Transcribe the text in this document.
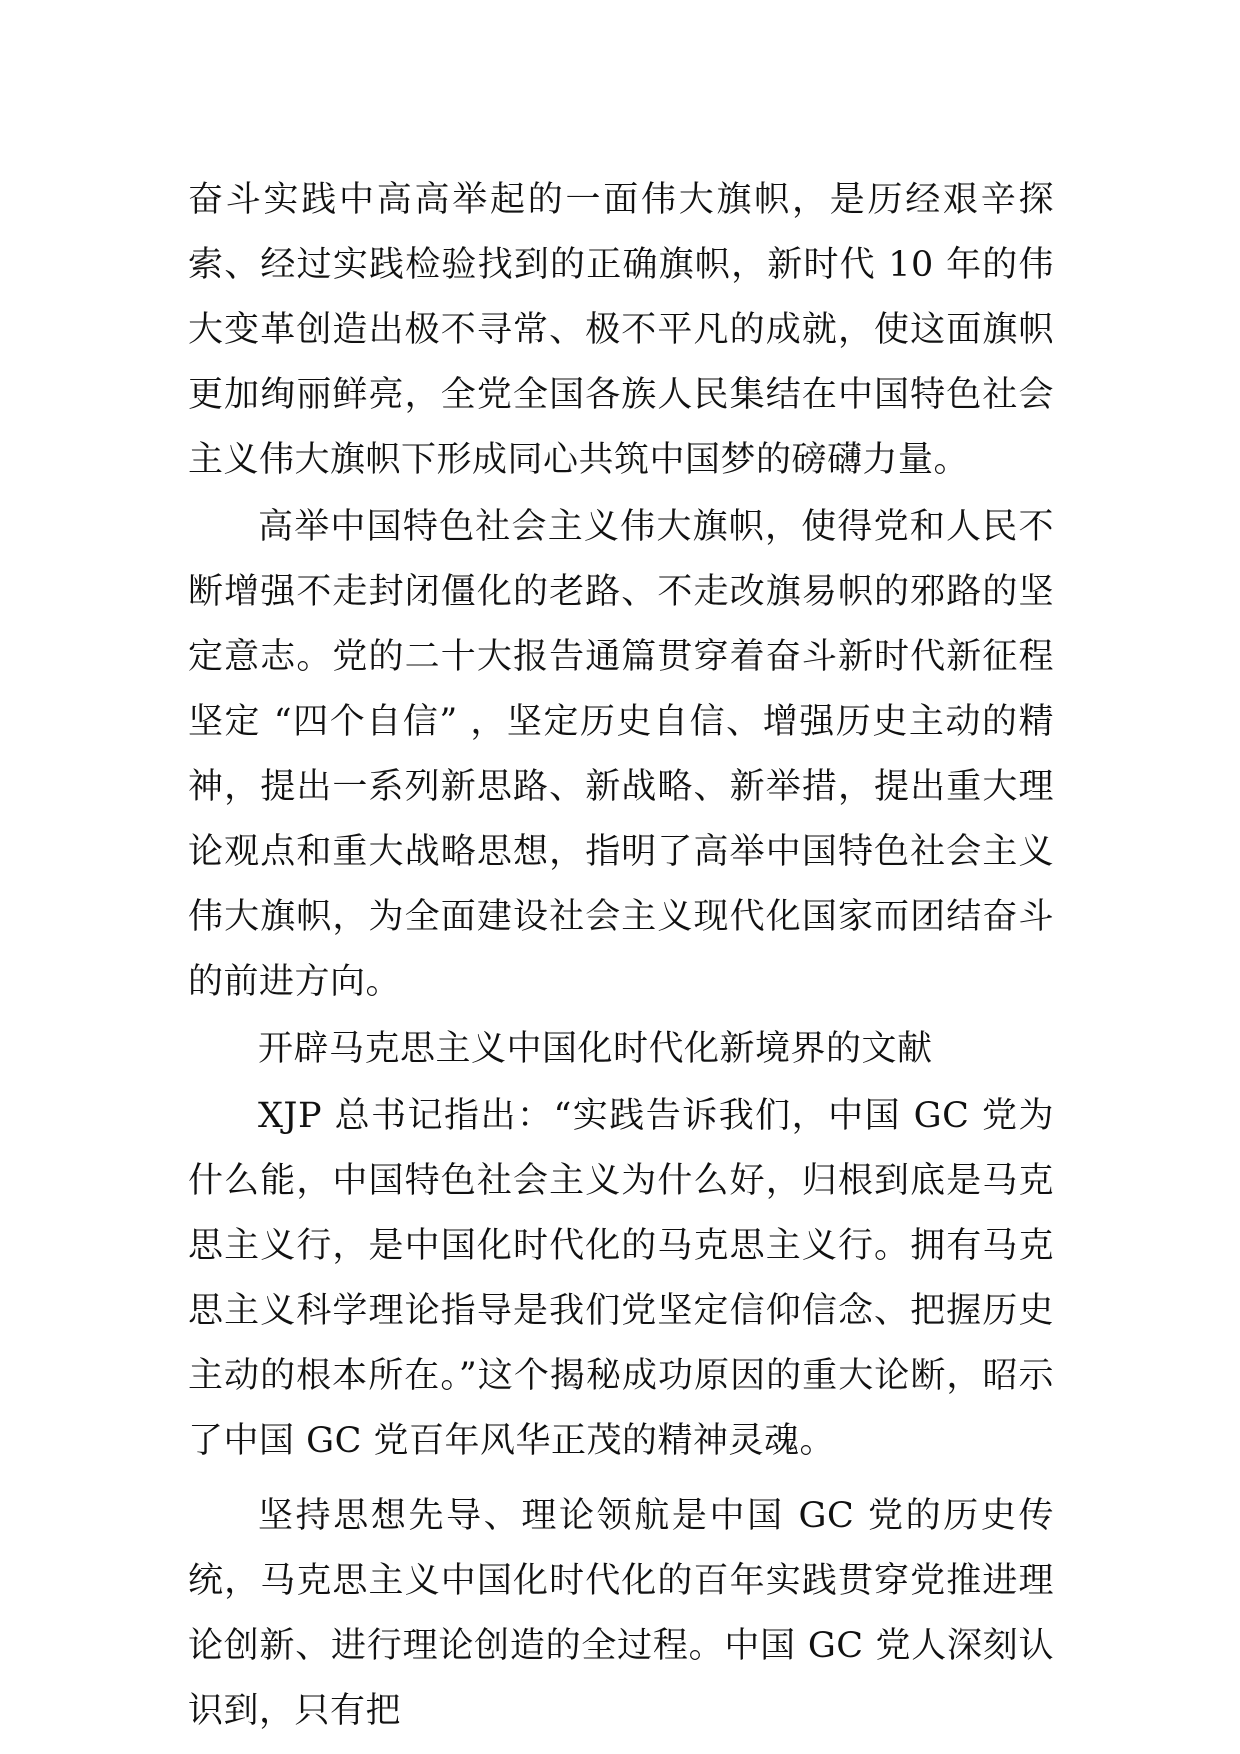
奋斗实践中高高举起的一面伟大旗帜，是历经艰辛探索、经过实践检验找到的正确旗帜，新时代 10 年的伟大变革创造出极不寻常、极不平凡的成就，使这面旗帜更加绚丽鲜亮，全党全国各族人民集结在中国特色社会主义伟大旗帜下形成同心共筑中国梦的磅礴力量。

高举中国特色社会主义伟大旗帜，使得党和人民不断增强不走封闭僵化的老路、不走改旗易帜的邪路的坚定意志。党的二十大报告通篇贯穿着奋斗新时代新征程坚定 “四个自信” ，坚定历史自信、增强历史主动的精神，提出一系列新思路、新战略、新举措，提出重大理论观点和重大战略思想，指明了高举中国特色社会主义伟大旗帜，为全面建设社会主义现代化国家而团结奋斗的前进方向。

开辟马克思主义中国化时代化新境界的文献

XJP 总书记指出：“实践告诉我们，中国 GC 党为什么能，中国特色社会主义为什么好，归根到底是马克思主义行，是中国化时代化的马克思主义行。拥有马克思主义科学理论指导是我们党坚定信仰信念、把握历史主动的根本所在。”这个揭秘成功原因的重大论断，昭示了中国 GC 党百年风华正茂的精神灵魂。

坚持思想先导、理论领航是中国 GC 党的历史传统，马克思主义中国化时代化的百年实践贯穿党推进理论创新、进行理论创造的全过程。中国 GC 党人深刻认识到，只有把
